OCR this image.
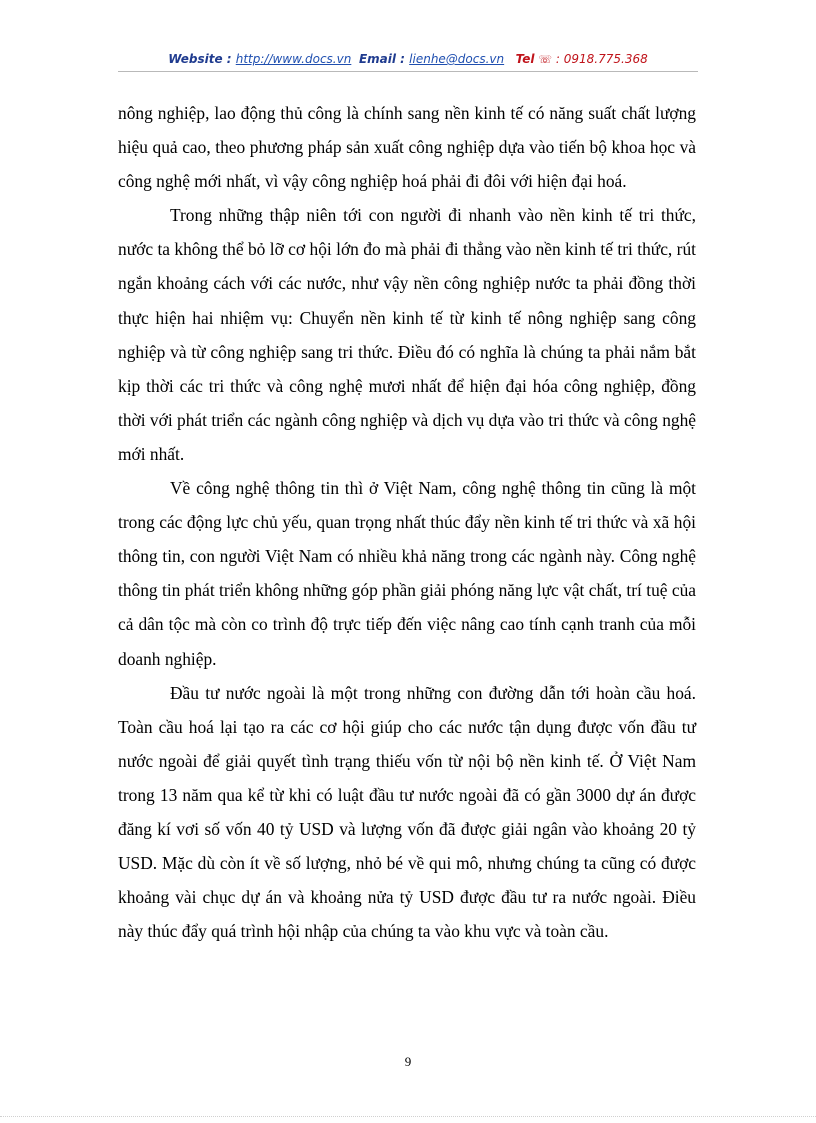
Website : http://www.docs.vn Email : lienhe@docs.vn Tel ☏ : 0918.775.368

nông nghiệp, lao động thủ công là chính sang nền kinh tế có năng suất chất lượng hiệu quả cao, theo phương pháp sản xuất công nghiệp dựa vào tiến bộ khoa học và công nghệ mới nhất, vì vậy công nghiệp hoá phải đi đôi với hiện đại hoá.

Trong những thập niên tới con người đi nhanh vào nền kinh tế tri thức, nước ta không thể bỏ lỡ cơ hội lớn đo mà phải đi thẳng vào nền kinh tế tri thức, rút ngắn khoảng cách với các nước, như vậy nền công nghiệp nước ta phải đồng thời thực hiện hai nhiệm vụ: Chuyển nền kinh tế từ kinh tế nông nghiệp sang công nghiệp và từ công nghiệp sang tri thức. Điều đó có nghĩa là chúng ta phải nắm bắt kịp thời các tri thức và công nghệ mươi nhất để hiện đại hóa công nghiệp, đồng thời với phát triển các ngành công nghiệp và dịch vụ dựa vào tri thức và công nghệ mới nhất.

Về công nghệ thông tin thì ở Việt Nam, công nghệ thông tin cũng là một trong các động lực chủ yếu, quan trọng nhất thúc đẩy nền kinh tế tri thức và xã hội thông tin, con người Việt Nam có nhiều khả năng trong các ngành này. Công nghệ thông tin phát triển không những góp phần giải phóng năng lực vật chất, trí tuệ của cả dân tộc mà còn co trình độ trực tiếp đến việc nâng cao tính cạnh tranh của mỗi doanh nghiệp.

Đầu tư nước ngoài là một trong những con đường dẫn tới hoàn cầu hoá. Toàn cầu hoá lại tạo ra các cơ hội giúp cho các nước tận dụng được vốn đầu tư nước ngoài để giải quyết tình trạng thiếu vốn từ nội bộ nền kinh tế. Ở Việt Nam trong 13 năm qua kể từ khi có luật đầu tư nước ngoài đã có gần 3000 dự án được đăng kí vơi số vốn 40 tỷ USD và lượng vốn đã được giải ngân vào khoảng 20 tỷ USD. Mặc dù còn ít về số lượng, nhỏ bé về qui mô, nhưng chúng ta cũng có được khoảng vài chục dự án và khoảng nửa tỷ USD được đầu tư ra nước ngoài. Điều này thúc đẩy quá trình hội nhập của chúng ta vào khu vực và toàn cầu.

9
